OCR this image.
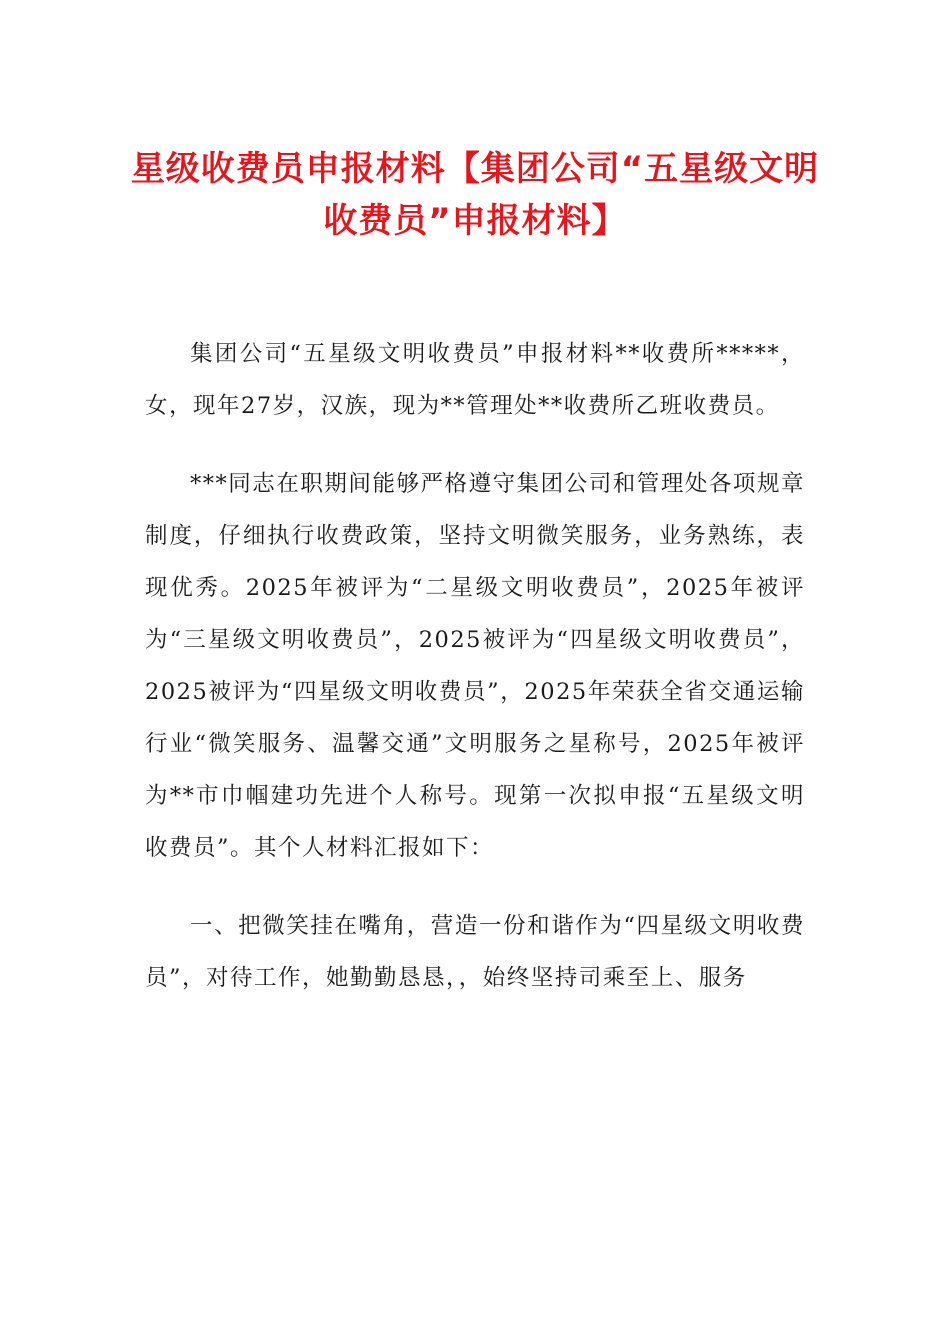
星级收费员申报材料【集团公司“五星级文明收费员”申报材料】

集团公司“五星级文明收费员”申报材料**收费所*****，女，现年27岁，汉族，现为**管理处**收费所乙班收费员。

***同志在职期间能够严格遵守集团公司和管理处各项规章制度，仔细执行收费政策，坚持文明微笑服务，业务熟练，表现优秀。2025年被评为“二星级文明收费员”，2025年被评为“三星级文明收费员”，2025被评为“四星级文明收费员”，2025被评为“四星级文明收费员”，2025年荣获全省交通运输行业“微笑服务、温馨交通”文明服务之星称号，2025年被评为**市巾帼建功先进个人称号。现第一次拟申报“五星级文明收费员”。其个人材料汇报如下：

一、把微笑挂在嘴角，营造一份和谐作为“四星级文明收费员”，对待工作，她勤勤恳恳，，始终坚持司乘至上、服务
